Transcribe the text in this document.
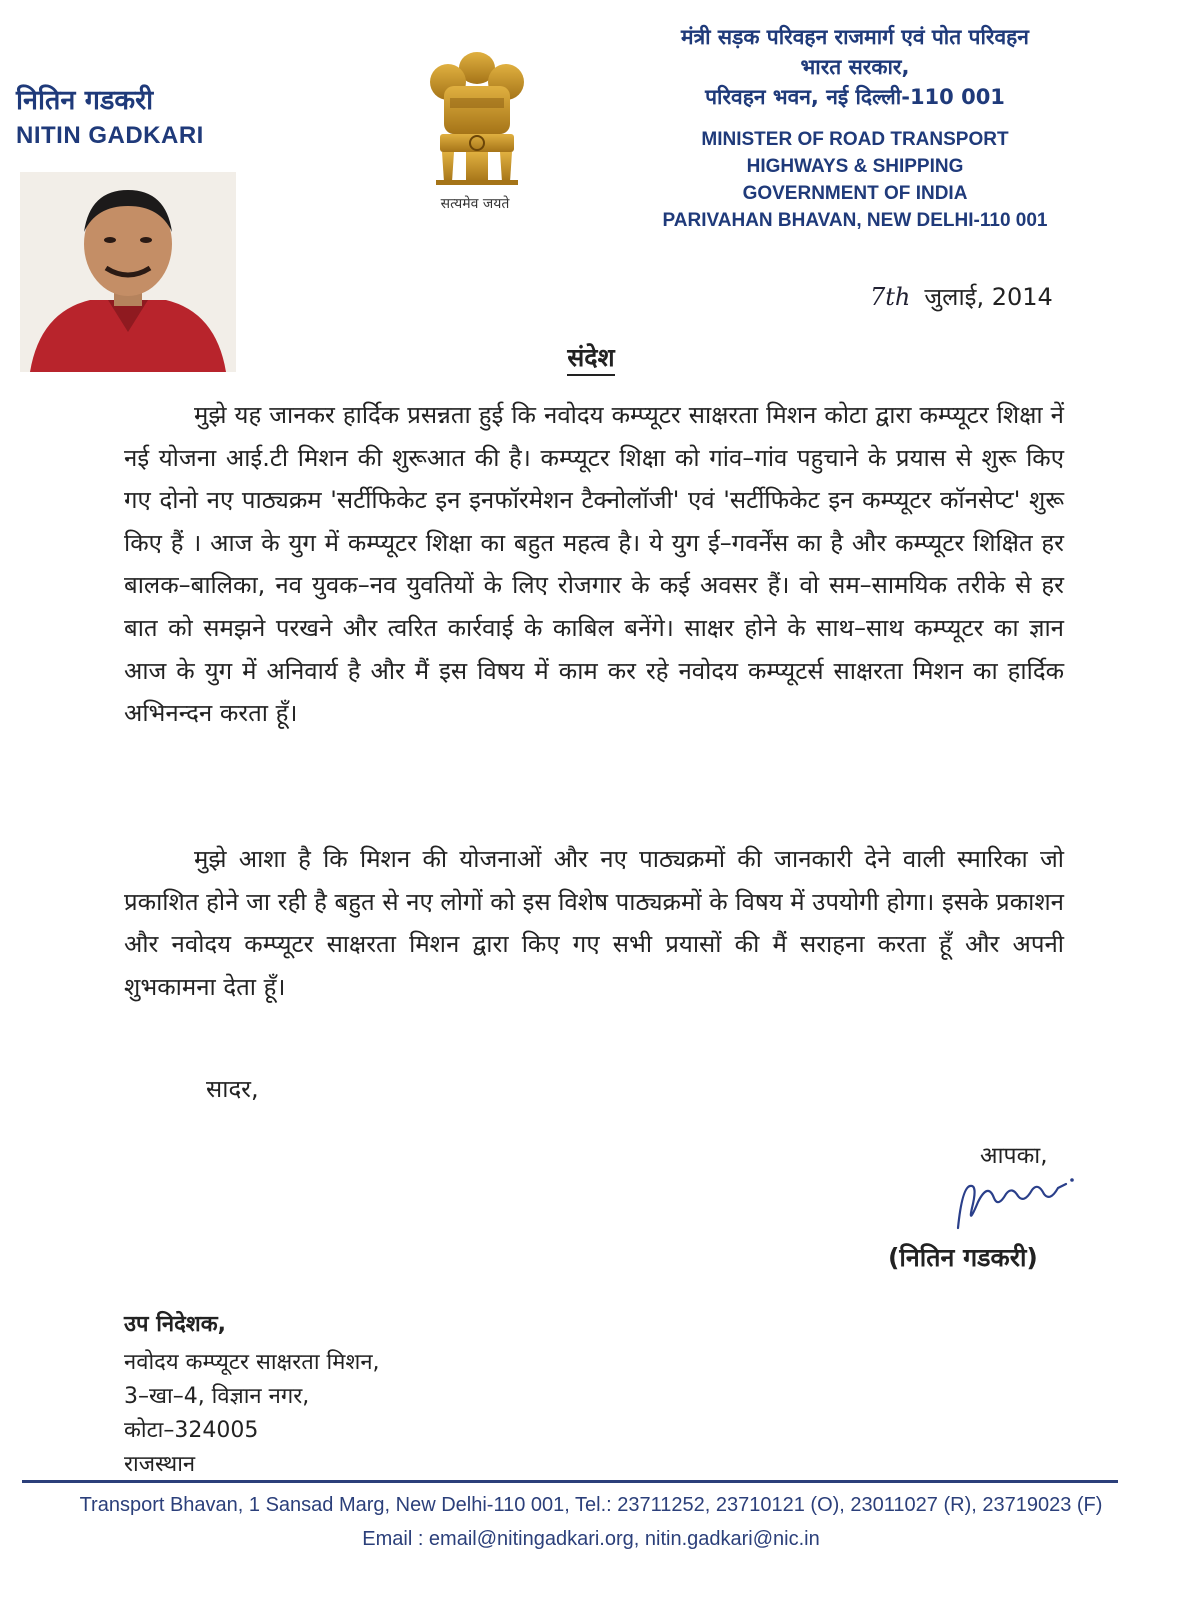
नितिन गडकरी
NITIN GADKARI
सत्यमेव जयते
मंत्री सड़क परिवहन राजमार्ग एवं पोत परिवहन
भारत सरकार,
परिवहन भवन, नई दिल्ली-110 001
MINISTER OF ROAD TRANSPORT
HIGHWAYS & SHIPPING
GOVERNMENT OF INDIA
PARIVAHAN BHAVAN, NEW DELHI-110 001
7th जुलाई, 2014
संदेश
मुझे यह जानकर हार्दिक प्रसन्नता हुई कि नवोदय कम्प्यूटर साक्षरता मिशन कोटा द्वारा कम्प्यूटर शिक्षा नें नई योजना आई.टी मिशन की शुरूआत की है। कम्प्यूटर शिक्षा को गांव–गांव पहुचाने के प्रयास से शुरू किए गए दोनो नए पाठ्यक्रम 'सर्टीफिकेट इन इनफॉरमेशन टैक्नोलॉजी' एवं 'सर्टीफिकेट इन कम्प्यूटर कॉनसेप्ट' शुरू किए हैं । आज के युग में कम्प्यूटर शिक्षा का बहुत महत्व है। ये युग ई–गवर्नेंस का है और कम्प्यूटर शिक्षित हर बालक–बालिका, नव युवक–नव युवतियों के लिए रोजगार के कई अवसर हैं। वो सम–सामयिक तरीके से हर बात को समझने परखने और त्वरित कार्रवाई के काबिल बनेंगे। साक्षर होने के साथ–साथ कम्प्यूटर का ज्ञान आज के युग में अनिवार्य है और मैं इस विषय में काम कर रहे नवोदय कम्प्यूटर्स साक्षरता मिशन का हार्दिक अभिनन्दन करता हूँ।
मुझे आशा है कि मिशन की योजनाओं और नए पाठ्यक्रमों की जानकारी देने वाली स्मारिका जो प्रकाशित होने जा रही है बहुत से नए लोगों को इस विशेष पाठ्यक्रमों के विषय में उपयोगी होगा। इसके प्रकाशन और नवोदय कम्प्यूटर साक्षरता मिशन द्वारा किए गए सभी प्रयासों की मैं सराहना करता हूँ और अपनी शुभकामना देता हूँ।
सादर,
आपका,
(नितिन गडकरी)
उप निदेशक,
नवोदय कम्प्यूटर साक्षरता मिशन,
3–खा–4, विज्ञान नगर,
कोटा–324005
राजस्थान
Transport Bhavan, 1 Sansad Marg, New Delhi-110 001, Tel.: 23711252, 23710121 (O), 23011027 (R), 23719023 (F)
Email : email@nitingadkari.org, nitin.gadkari@nic.in
